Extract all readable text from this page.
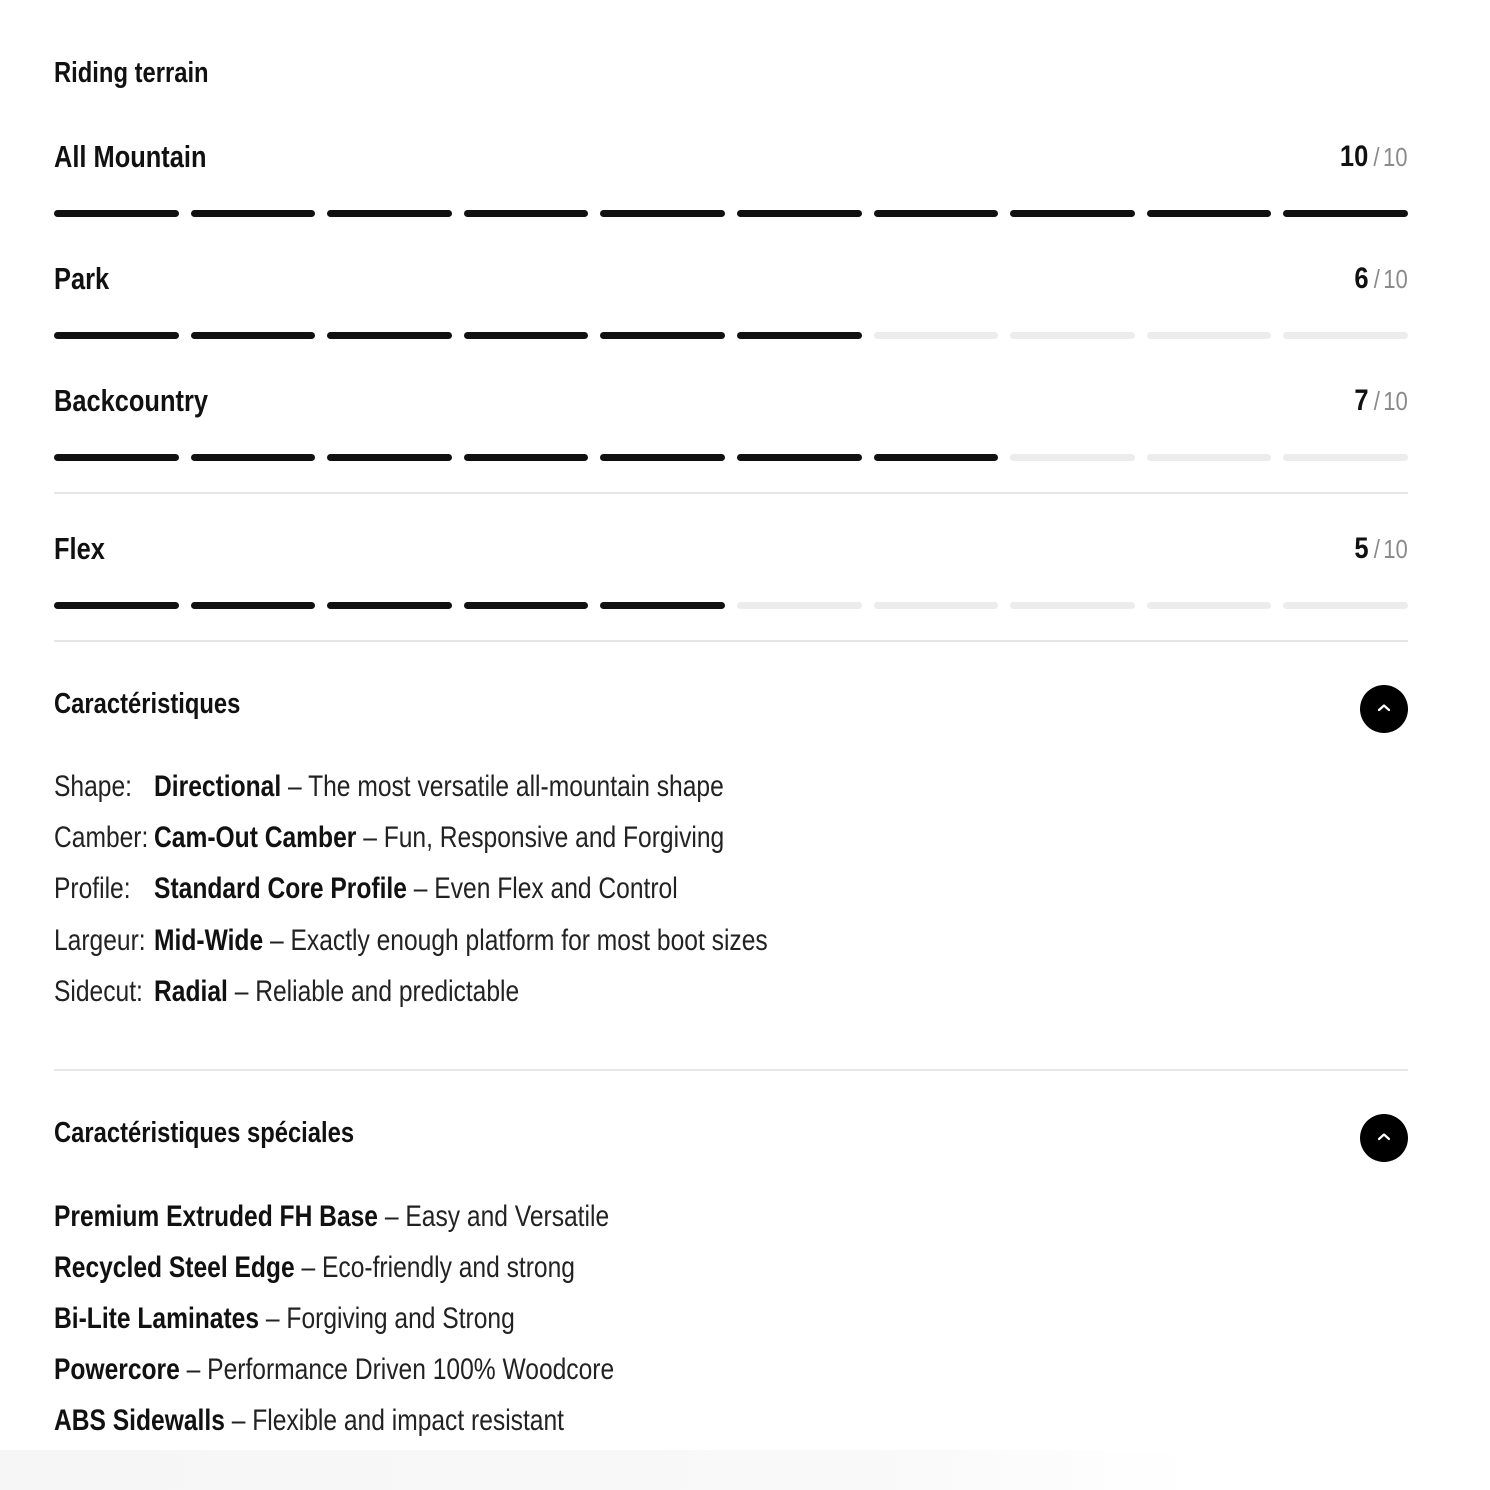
Riding terrain
All Mountain	10 / 10
Park	6 / 10
Backcountry	7 / 10
Flex	5 / 10
Caractéristiques
Shape: Directional – The most versatile all-mountain shape
Camber: Cam-Out Camber – Fun, Responsive and Forgiving
Profile: Standard Core Profile – Even Flex and Control
Largeur: Mid-Wide – Exactly enough platform for most boot sizes
Sidecut: Radial – Reliable and predictable
Caractéristiques spéciales
Premium Extruded FH Base – Easy and Versatile
Recycled Steel Edge – Eco-friendly and strong
Bi-Lite Laminates – Forgiving and Strong
Powercore – Performance Driven 100% Woodcore
ABS Sidewalls – Flexible and impact resistant
